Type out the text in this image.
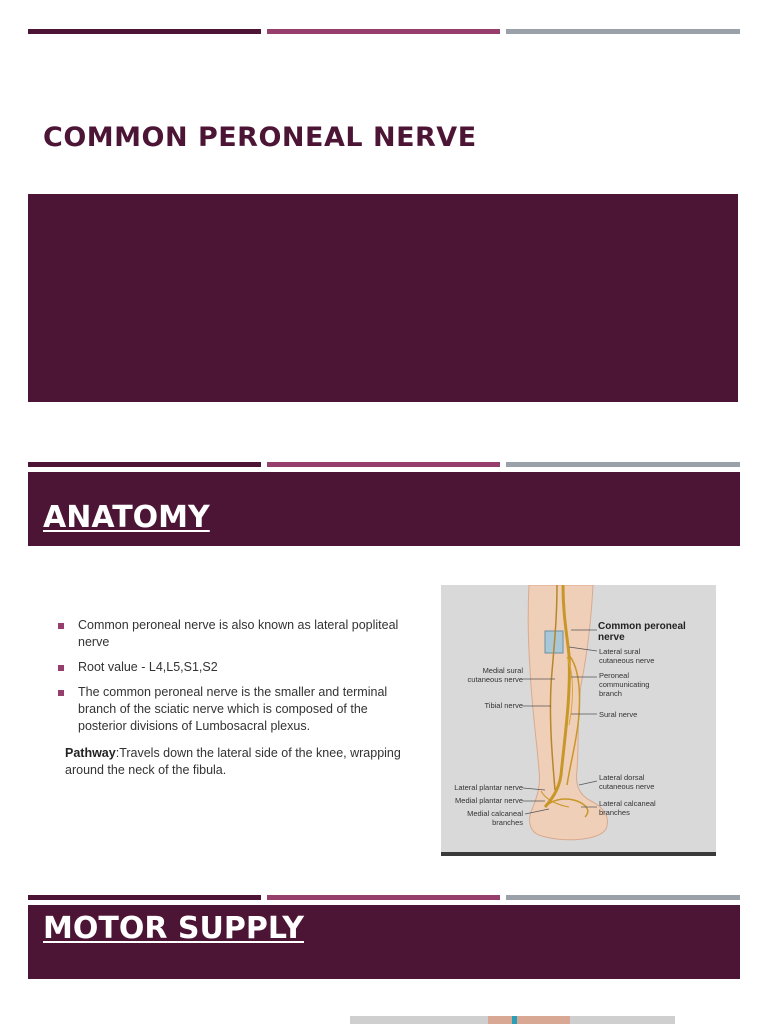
COMMON PERONEAL NERVE
ANATOMY
Common peroneal nerve is also known as lateral popliteal nerve
Root value - L4,L5,S1,S2
The common peroneal nerve is the smaller and terminal branch of the sciatic nerve which is composed of the posterior divisions of Lumbosacral plexus.
Pathway:Travels down the lateral side of the knee, wrapping around the neck of the fibula.
Common peroneal nerve
Lateral sural cutaneous nerve
Medial sural cutaneous nerve	Peroneal communicating branch
Tibial nerve
Sural nerve
Lateral dorsal cutaneous nerve
Lateral plantar nerve
Medial plantar nerve	Lateral calcaneal branches
Medial calcaneal branches
MOTOR SUPPLY
